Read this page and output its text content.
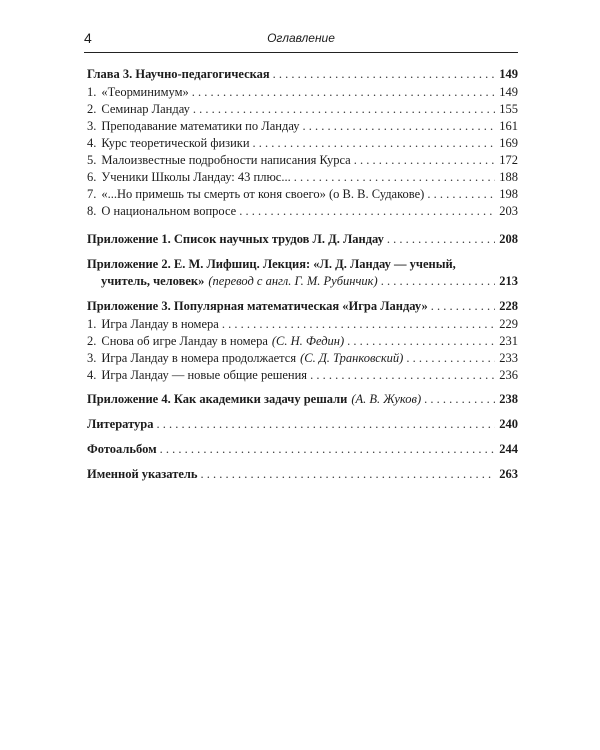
4	Оглавление
Глава 3. Научно-педагогическая . . .	149
1. «Теорминимум» . . .	149
2. Семинар Ландау . . .	155
3. Преподавание математики по Ландау . . .	161
4. Курс теоретической физики . . .	169
5. Малоизвестные подробности написания Курса . . .	172
6. Ученики Школы Ландау: 43 плюс... . . .	188
7. «...Но примешь ты смерть от коня своего» (о В. В. Судакове) . . .	198
8. О национальном вопросе . . .	203
Приложение 1. Список научных трудов Л. Д. Ландау . . .	208
Приложение 2. Е. М. Лифшиц. Лекция: «Л. Д. Ландау — ученый,
учитель, человек» (перевод с англ. Г. М. Рубинчик) . . .	213
Приложение 3. Популярная математическая «Игра Ландау» . . .	228
1. Игра Ландау в номера . . .	229
2. Снова об игре Ландау в номера (С. Н. Федин) . . .	231
3. Игра Ландау в номера продолжается (С. Д. Транковский) . . .	233
4. Игра Ландау — новые общие решения . . .	236
Приложение 4. Как академики задачу решали (А. В. Жуков) . . .	238
Литература . . .	240
Фотоальбом . . .	244
Именной указатель . . .	263
